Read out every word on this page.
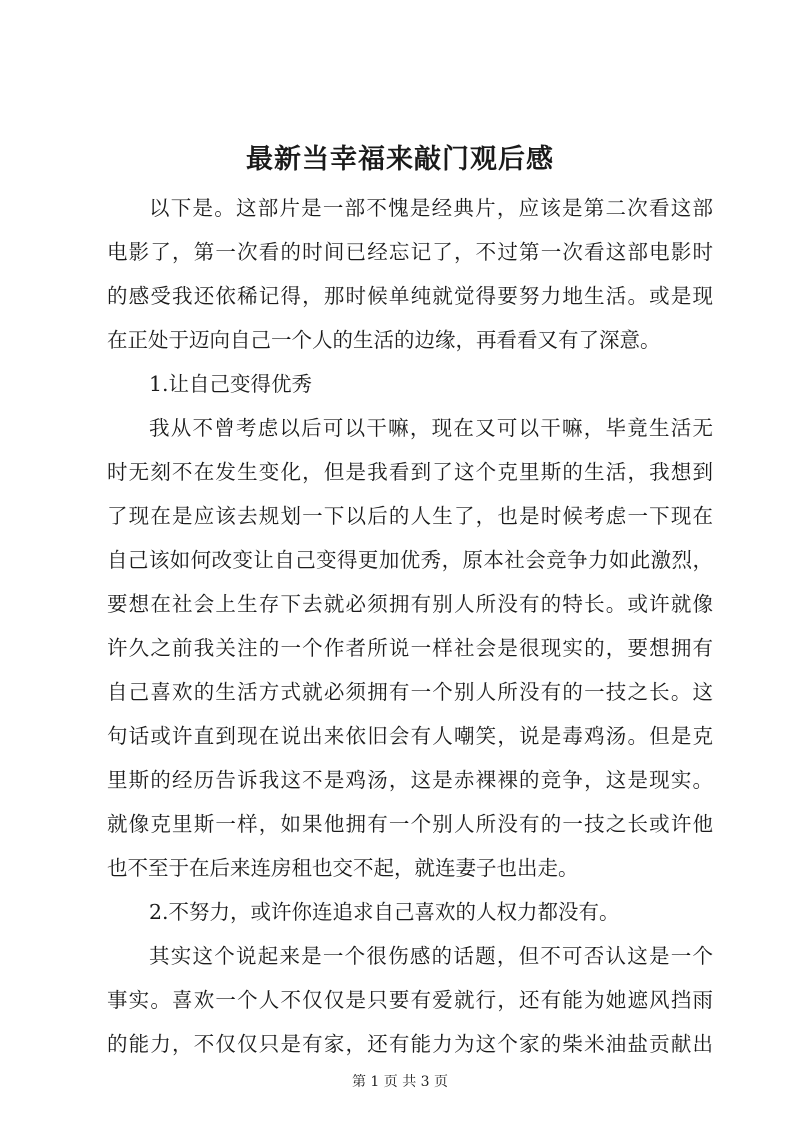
最新当幸福来敲门观后感
以下是。这部片是一部不愧是经典片，应该是第二次看这部
电影了，第一次看的时间已经忘记了，不过第一次看这部电影时
的感受我还依稀记得，那时候单纯就觉得要努力地生活。或是现
在正处于迈向自己一个人的生活的边缘，再看看又有了深意。
1.让自己变得优秀
我从不曾考虑以后可以干嘛，现在又可以干嘛，毕竟生活无
时无刻不在发生变化，但是我看到了这个克里斯的生活，我想到
了现在是应该去规划一下以后的人生了，也是时候考虑一下现在
自己该如何改变让自己变得更加优秀，原本社会竞争力如此激烈，
要想在社会上生存下去就必须拥有别人所没有的特长。或许就像
许久之前我关注的一个作者所说一样社会是很现实的，要想拥有
自己喜欢的生活方式就必须拥有一个别人所没有的一技之长。这
句话或许直到现在说出来依旧会有人嘲笑，说是毒鸡汤。但是克
里斯的经历告诉我这不是鸡汤，这是赤裸裸的竞争，这是现实。
就像克里斯一样，如果他拥有一个别人所没有的一技之长或许他
也不至于在后来连房租也交不起，就连妻子也出走。
2.不努力，或许你连追求自己喜欢的人权力都没有。
其实这个说起来是一个很伤感的话题，但不可否认这是一个
事实。喜欢一个人不仅仅是只要有爱就行，还有能为她遮风挡雨
的能力，不仅仅只是有家，还有能力为这个家的柴米油盐贡献出
第 1 页 共 3 页
